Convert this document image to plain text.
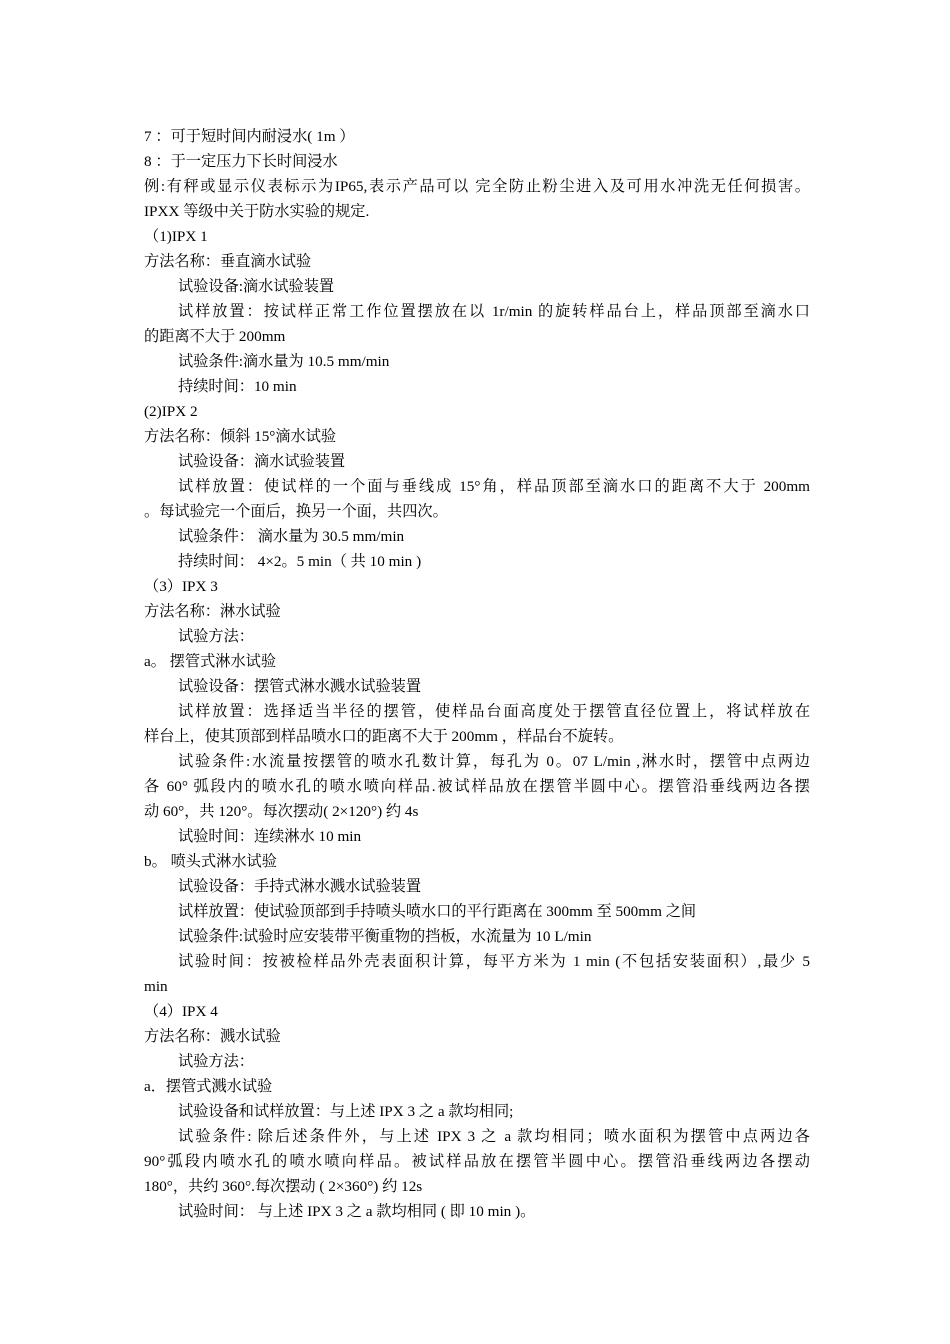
7 ：可于短时间内耐浸水( 1m ）
8 ：于一定压力下长时间浸水
例:有秤或显示仪表标示为IP65,表示产品可以 完全防止粉尘进入及可用水冲洗无任何损害。
IPXX 等级中关于防水实验的规定.
（1)IPX 1
方法名称：垂直滴水试验
试验设备:滴水试验装置
试样放置：按试样正常工作位置摆放在以 1r/min 的旋转样品台上，样品顶部至滴水口
的距离不大于 200mm
试验条件:滴水量为 10.5 mm/min
持续时间：10 min
(2)IPX 2
方法名称：倾斜 15°滴水试验
试验设备：滴水试验装置
试样放置：使试样的一个面与垂线成 15°角，样品顶部至滴水口的距离不大于 200mm
。每试验完一个面后，换另一个面，共四次。
试验条件： 滴水量为 30.5 mm/min
持续时间： 4×2。5 min（ 共 10 min )
（3）IPX 3
方法名称：淋水试验
试验方法：
a。 摆管式淋水试验
试验设备：摆管式淋水溅水试验装置
试样放置：选择适当半径的摆管，使样品台面高度处于摆管直径位置上，将试样放在
样台上，使其顶部到样品喷水口的距离不大于 200mm ，样品台不旋转。
试验条件:水流量按摆管的喷水孔数计算，每孔为 0。07 L/min ,淋水时，摆管中点两边
各 60° 弧段内的喷水孔的喷水喷向样品.被试样品放在摆管半圆中心。摆管沿垂线两边各摆
动 60°，共 120°。每次摆动( 2×120°) 约 4s
试验时间：连续淋水 10 min
b。 喷头式淋水试验
试验设备：手持式淋水溅水试验装置
试样放置：使试验顶部到手持喷头喷水口的平行距离在 300mm 至 500mm 之间
试验条件:试验时应安装带平衡重物的挡板，水流量为 10 L/min
试验时间：按被检样品外壳表面积计算，每平方米为 1 min (不包括安装面积）,最少 5
min
（4）IPX 4
方法名称：溅水试验
试验方法：
a．摆管式溅水试验
试验设备和试样放置：与上述 IPX 3 之 a 款均相同;
试验条件: 除后述条件外，与上述 IPX 3 之 a 款均相同；喷水面积为摆管中点两边各
90°弧段内喷水孔的喷水喷向样品。被试样品放在摆管半圆中心。摆管沿垂线两边各摆动
180°，共约 360°.每次摆动 ( 2×360°) 约 12s
试验时间： 与上述 IPX 3 之 a 款均相同 ( 即 10 min )。
